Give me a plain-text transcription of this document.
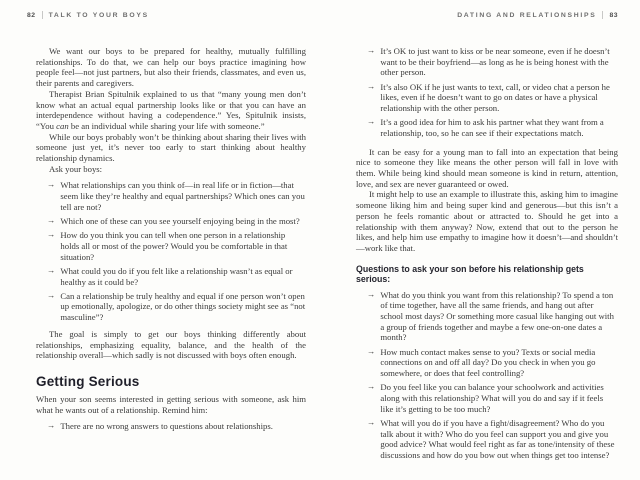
82 TALK TO YOUR BOYS

We want our boys to be prepared for healthy, mutually fulfilling relationships. To do that, we can help our boys practice imagining how people feel—not just partners, but also their friends, classmates, and even us, their parents and caregivers.

Therapist Brian Spitulnik explained to us that “many young men don’t know what an actual equal partnership looks like or that you can have an interdependence without having a codependence.” Yes, Spitulnik insists, “You can be an individual while sharing your life with someone.”

While our boys probably won’t be thinking about sharing their lives with someone just yet, it’s never too early to start thinking about healthy relationship dynamics.

Ask your boys:

→ What relationships can you think of—in real life or in fiction—that seem like they’re healthy and equal partnerships? Which ones can you tell are not?
→ Which one of these can you see yourself enjoying being in the most?
→ How do you think you can tell when one person in a relationship holds all or most of the power? Would you be comfortable in that situation?
→ What could you do if you felt like a relationship wasn’t as equal or healthy as it could be?
→ Can a relationship be truly healthy and equal if one person won’t open up emotionally, apologize, or do other things society might see as “not masculine”?

The goal is simply to get our boys thinking differently about relationships, emphasizing equality, balance, and the health of the relationship overall—which sadly is not discussed with boys often enough.

Getting Serious

When your son seems interested in getting serious with someone, ask him what he wants out of a relationship. Remind him:

→ There are no wrong answers to questions about relationships.
DATING AND RELATIONSHIPS 83
→ It’s OK to just want to kiss or be near someone, even if he doesn’t want to be their boyfriend—as long as he is being honest with the other person.
→ It’s also OK if he just wants to text, call, or video chat a person he likes, even if he doesn’t want to go on dates or have a physical relationship with the other person.
→ It’s a good idea for him to ask his partner what they want from a relationship, too, so he can see if their expectations match.

It can be easy for a young man to fall into an expectation that being nice to someone they like means the other person will fall in love with them. While being kind should mean someone is kind in return, attention, love, and sex are never guaranteed or owed.

It might help to use an example to illustrate this, asking him to imagine someone liking him and being super kind and generous—but this isn’t a person he feels romantic about or attracted to. Should he get into a relationship with them anyway? Now, extend that out to the person he likes, and help him use empathy to imagine how it doesn’t—and shouldn’t—work like that.

Questions to ask your son before his relationship gets serious:
→ What do you think you want from this relationship? To spend a ton of time together, have all the same friends, and hang out after school most days? Or something more casual like hanging out with a group of friends together and maybe a few one-on-one dates a month?
→ How much contact makes sense to you? Texts or social media connections on and off all day? Do you check in when you go somewhere, or does that feel controlling?
→ Do you feel like you can balance your schoolwork and activities along with this relationship? What will you do and say if it feels like it’s getting to be too much?
→ What will you do if you have a fight/disagreement? Who do you talk about it with? Who do you feel can support you and give you good advice? What would feel right as far as tone/intensity of these discussions and how do you bow out when things get too intense?
